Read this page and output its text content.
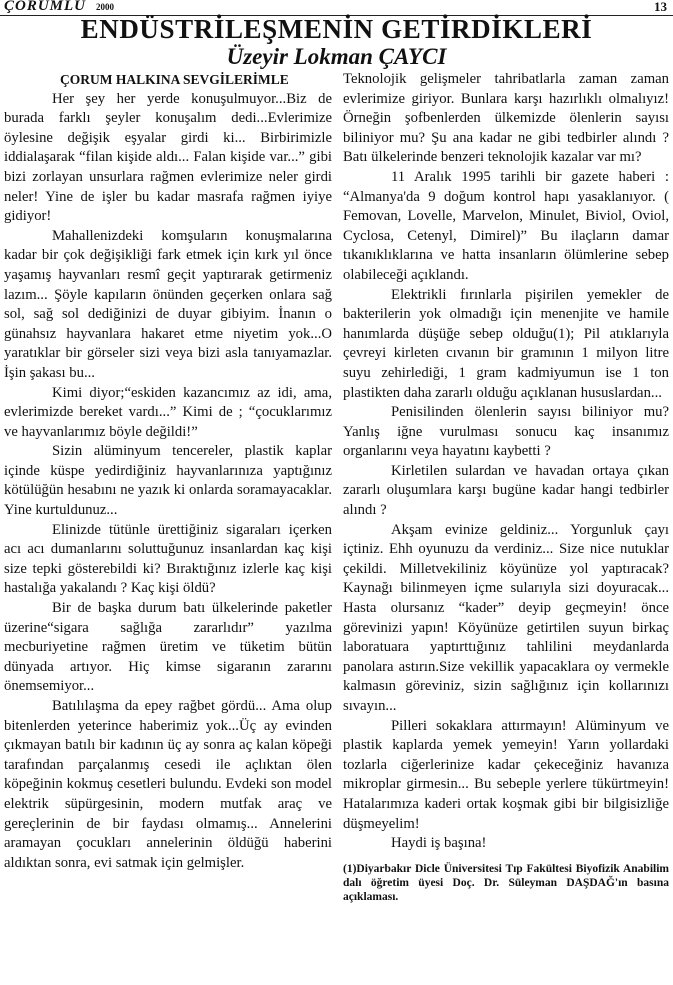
ÇORUMLU 2000	13
ENDÜSTRİLEŞMENİN GETİRDİKLERİ
Üzeyir Lokman ÇAYCI

ÇORUM HALKINA SEVGİLERİMLE

Her şey her yerde konuşulmuyor...Biz de burada farklı şeyler konuşalım dedi...Evlerimize öylesine değişik eşyalar girdi ki... Birbirimizle iddialaşarak “filan kişide aldı... Falan kişide var...” gibi bizi zorlayan unsurlara rağmen evlerimize neler girdi neler! Yine de işler bu kadar masrafa rağmen iyiye gidiyor!

Mahallenizdeki komşuların konuşmalarına kadar bir çok değişikliği fark etmek için kırk yıl önce yaşamış hayvanları resmî geçit yaptırarak getirmeniz lazım... Şöyle kapıların önünden geçerken onlara sağ sol, sağ sol dediğinizi de duyar gibiyim. İnanın o günahsız hayvanlara hakaret etme niyetim yok...O yaratıklar bir görseler sizi veya bizi asla tanıyamazlar. İşin şakası bu...

Kimi diyor;“eskiden kazancımız az idi, ama, evlerimizde bereket vardı...” Kimi de ; “çocuklarımız ve hayvanlarımız böyle değildi!”

Sizin alüminyum tencereler, plastik kaplar içinde küspe yedirdiğiniz hayvanlarınıza yaptığınız kötülüğün hesabını ne yazık ki onlarda soramayacaklar. Yine kurtuldunuz...

Elinizde tütünle ürettiğiniz sigaraları içerken acı acı dumanlarını soluttuğunuz insanlardan kaç kişi size tepki gösterebildi ki? Bıraktığınız izlerle kaç kişi hastalığa yakalandı ? Kaç kişi öldü?

Bir de başka durum batı ülkelerinde paketler üzerine“sigara sağlığa zararlıdır” yazılma mecburiyetine rağmen üretim ve tüketim bütün dünyada artıyor. Hiç kimse sigaranın zararını önemsemiyor...

Batılılaşma da epey rağbet gördü... Ama olup bitenlerden yeterince haberimiz yok...Üç ay evinden çıkmayan batılı bir kadının üç ay sonra aç kalan köpeği tarafından parçalanmış cesedi ile açlıktan ölen köpeğinin kokmuş cesetleri bulundu. Evdeki son model elektrik süpürgesinin, modern mutfak araç ve gereçlerinin de bir faydası olmamış... Annelerini aramayan çocukları annelerinin öldüğü haberini aldıktan sonra, evi satmak için gelmişler.

Teknolojik gelişmeler tahribatlarla zaman zaman evlerimize giriyor. Bunlara karşı hazırlıklı olmalıyız! Örneğin şofbenlerden ülkemizde ölenlerin sayısı biliniyor mu? Şu ana kadar ne gibi tedbirler alındı ? Batı ülkelerinde benzeri teknolojik kazalar var mı?

11 Aralık 1995 tarihli bir gazete haberi : “Almanya'da 9 doğum kontrol hapı yasaklanıyor. ( Femovan, Lovelle, Marvelon, Minulet, Biviol, Oviol, Cyclosa, Cetenyl, Dimirel)” Bu ilaçların damar tıkanıklıklarına ve hatta insanların ölümlerine sebep olabileceği açıklandı.

Elektrikli fırınlarla pişirilen yemekler de bakterilerin yok olmadığı için menenjite ve hamile hanımlarda düşüğe sebep olduğu(1); Pil atıklarıyla çevreyi kirleten cıvanın bir gramının 1 milyon litre suyu zehirlediği, 1 gram kadmiyumun ise 1 ton plastikten daha zararlı olduğu açıklanan hususlardan...

Penisilinden ölenlerin sayısı biliniyor mu? Yanlış iğne vurulması sonucu kaç insanımız organlarını veya hayatını kaybetti ?

Kirletilen sulardan ve havadan ortaya çıkan zararlı oluşumlara karşı bugüne kadar hangi tedbirler alındı ?

Akşam evinize geldiniz... Yorgunluk çayı içtiniz. Ehh oyunuzu da verdiniz... Size nice nutuklar çekildi. Milletvekiliniz köyünüze yol yaptıracak? Kaynağı bilinmeyen içme sularıyla sizi doyuracak... Hasta olursanız “kader” deyip geçmeyin! önce görevinizi yapın! Köyünüze getirtilen suyun birkaç laboratuara yaptırttığınız tahlilini meydanlarda panolara astırın.Size vekillik yapacaklara oy vermekle kalmasın göreviniz, sizin sağlığınız için kollarınızı sıvayın...

Pilleri sokaklara attırmayın! Alüminyum ve plastik kaplarda yemek yemeyin! Yarın yollardaki tozlarla ciğerlerinize kadar çekeceğiniz havanıza mikroplar girmesin... Bu sebeple yerlere tükürtmeyin! Hatalarımıza kaderi ortak koşmak gibi bir bilgisizliğe düşmeyelim!

Haydi iş başına!

(1)Diyarbakır Dicle Üniversitesi Tıp Fakültesi Biyofizik Anabilim dalı öğretim üyesi Doç. Dr. Süleyman DAŞDAĞ'ın basına açıklaması.
